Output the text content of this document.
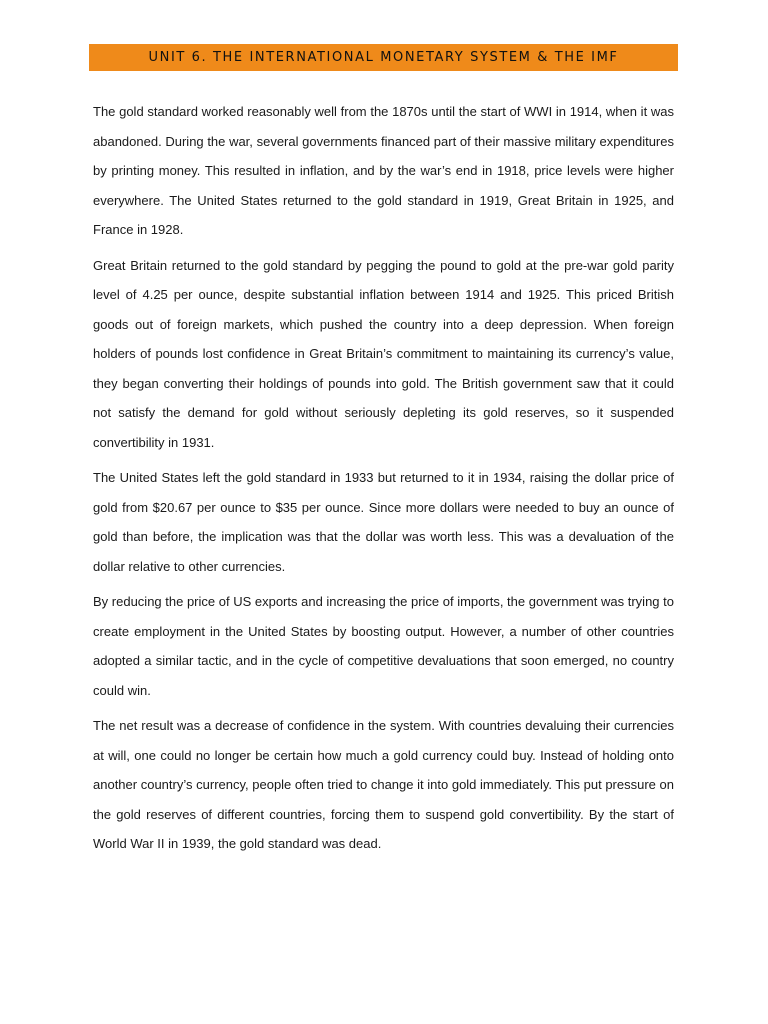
UNIT 6. THE INTERNATIONAL MONETARY SYSTEM & THE IMF

The gold standard worked reasonably well from the 1870s until the start of WWI in 1914, when it was abandoned. During the war, several governments financed part of their massive military expenditures by printing money. This resulted in inflation, and by the war’s end in 1918, price levels were higher everywhere. The United States returned to the gold standard in 1919, Great Britain in 1925, and France in 1928.

Great Britain returned to the gold standard by pegging the pound to gold at the pre-war gold parity level of 4.25 per ounce, despite substantial inflation between 1914 and 1925. This priced British goods out of foreign markets, which pushed the country into a deep depression. When foreign holders of pounds lost confidence in Great Britain’s commitment to maintaining its currency’s value, they began converting their holdings of pounds into gold. The British government saw that it could not satisfy the demand for gold without seriously depleting its gold reserves, so it suspended convertibility in 1931.

The United States left the gold standard in 1933 but returned to it in 1934, raising the dollar price of gold from $20.67 per ounce to $35 per ounce. Since more dollars were needed to buy an ounce of gold than before, the implication was that the dollar was worth less. This was a devaluation of the dollar relative to other currencies.

By reducing the price of US exports and increasing the price of imports, the government was trying to create employment in the United States by boosting output. However, a number of other countries adopted a similar tactic, and in the cycle of competitive devaluations that soon emerged, no country could win.

The net result was a decrease of confidence in the system. With countries devaluing their currencies at will, one could no longer be certain how much a gold currency could buy. Instead of holding onto another country’s currency, people often tried to change it into gold immediately. This put pressure on the gold reserves of different countries, forcing them to suspend gold convertibility. By the start of World War II in 1939, the gold standard was dead.
